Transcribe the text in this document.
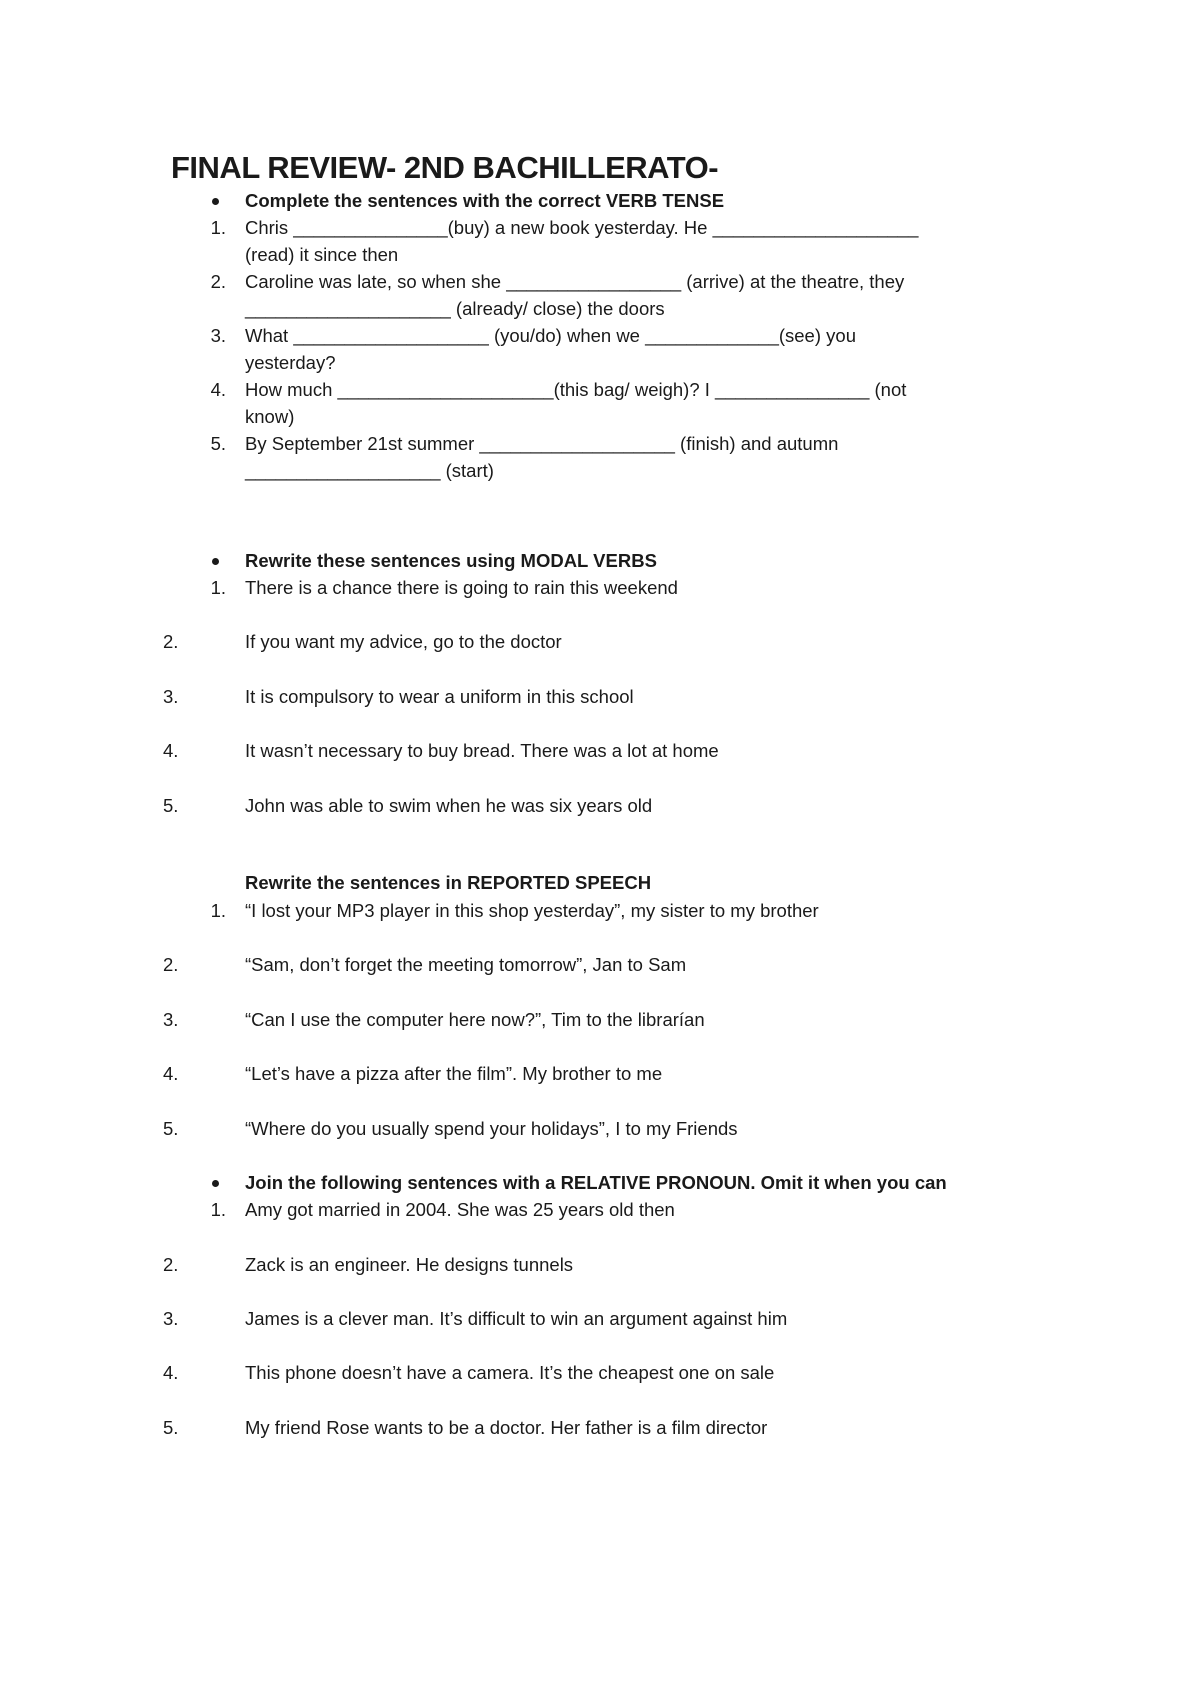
FINAL REVIEW- 2ND BACHILLERATO-
Complete the sentences with the correct VERB TENSE
1. Chris _______________(buy) a new book yesterday. He ____________________
(read) it since then
2. Caroline was late, so when she _________________ (arrive) at the theatre, they
____________________ (already/ close) the doors
3. What ___________________ (you/do) when we _____________(see) you
yesterday?
4. How much _____________________(this bag/ weigh)? I _______________ (not
know)
5. By September 21st summer ___________________ (finish) and autumn
___________________ (start)
Rewrite these sentences using MODAL VERBS
1. There is a chance there is going to rain this weekend
2.	If you want my advice, go to the doctor
3.	It is compulsory to wear a uniform in this school
4.	It wasn’t necessary to buy bread. There was a lot at home
5.	John was able to swim when he was six years old
Rewrite the sentences in REPORTED SPEECH
1. “I lost your MP3 player in this shop yesterday”, my sister to my brother
2.	“Sam, don’t forget the meeting tomorrow”, Jan to Sam
3.	“Can I use the computer here now?”, Tim to the librarían
4.	“Let’s have a pizza after the film”. My brother to me
5.	“Where do you usually spend your holidays”, I to my Friends
Join the following sentences with a RELATIVE PRONOUN. Omit it when you can
1. Amy got married in 2004. She was 25 years old then
2.	Zack is an engineer. He designs tunnels
3.	James is a clever man. It’s difficult to win an argument against him
4.	This phone doesn’t have a camera. It’s the cheapest one on sale
5.	My friend Rose wants to be a doctor. Her father is a film director
